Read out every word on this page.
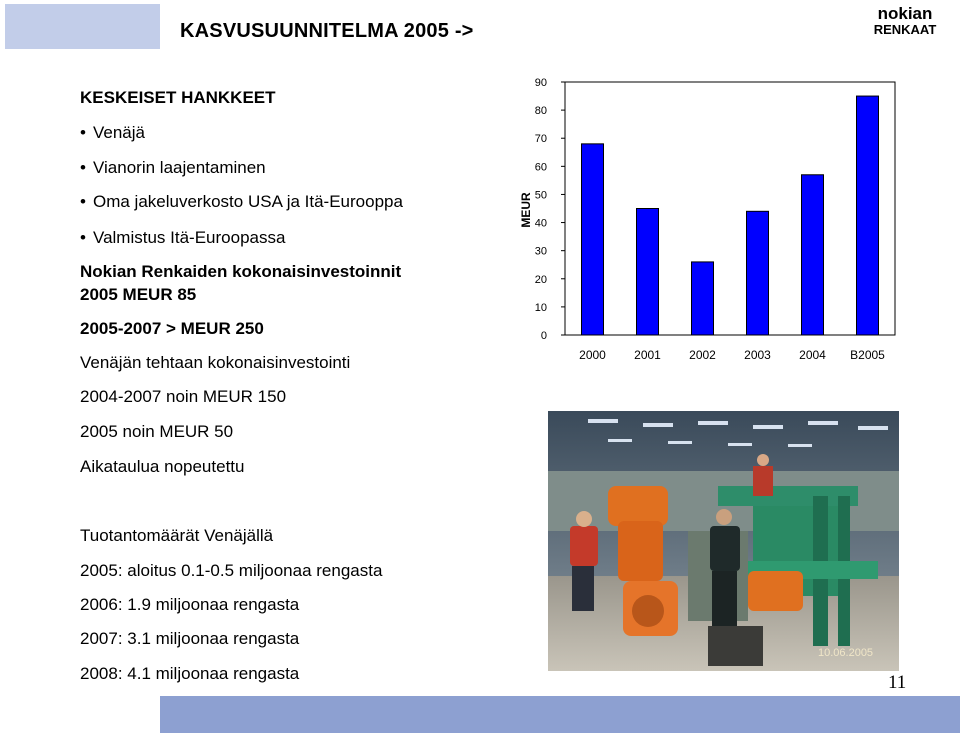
KASVUSUUNNITELMA 2005 ->
nokian
RENKAAT
KESKEISET HANKKEET
• Venäjä
• Vianorin laajentaminen
• Oma jakeluverkosto USA ja Itä-Eurooppa
• Valmistus Itä-Euroopassa
Nokian Renkaiden kokonaisinvestoinnit
2005 MEUR 85
2005-2007 > MEUR 250
Venäjän tehtaan kokonaisinvestointi
2004-2007 noin MEUR 150
2005 noin MEUR 50
Aikataulua nopeutettu
Tuotantomäärät Venäjällä
2005: aloitus 0.1-0.5 miljoonaa rengasta
2006: 1.9 miljoonaa rengasta
2007: 3.1 miljoonaa rengasta
2008: 4.1 miljoonaa rengasta
0
10
20
30
40
50
60
70
80
90
MEUR
2000 2001 2002 2003 2004 B2005
10.06.2005
11
